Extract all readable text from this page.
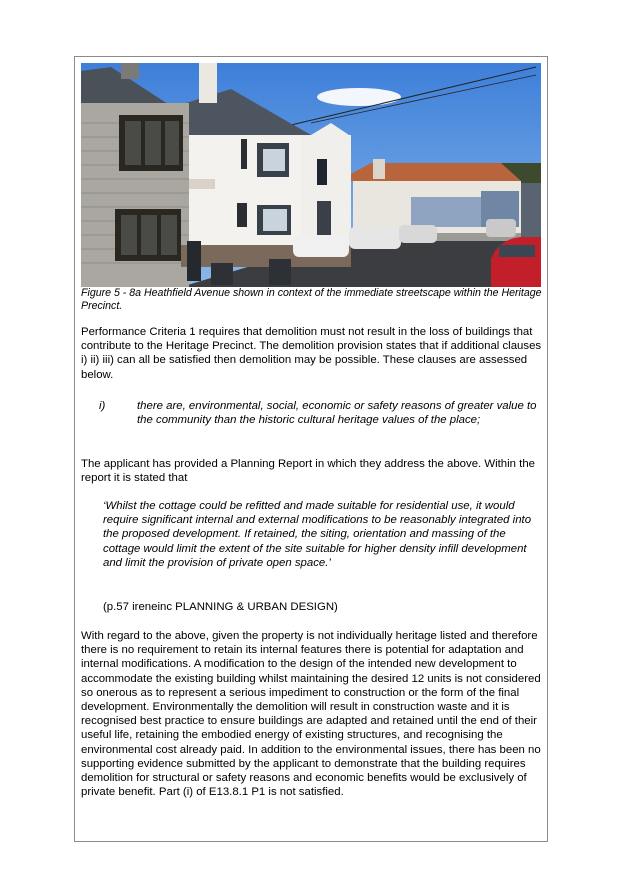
Figure 5 - 8a Heathfield Avenue shown in context of the immediate streetscape within the Heritage Precinct.
Performance Criteria 1 requires that demolition must not result in the loss of buildings that contribute to the Heritage Precinct. The demolition provision states that if additional clauses i) ii) iii) can all be satisfied then demolition may be possible. These clauses are assessed below.
i)	there are, environmental, social, economic or safety reasons of greater value to the community than the historic cultural heritage values of the place;
The applicant has provided a Planning Report in which they address the above. Within the report it is stated that
‘Whilst the cottage could be refitted and made suitable for residential use, it would require significant internal and external modifications to be reasonably integrated into the proposed development. If retained, the siting, orientation and massing of the cottage would limit the extent of the site suitable for higher density infill development and limit the provision of private open space.’
(p.57 ireneinc PLANNING & URBAN DESIGN)
With regard to the above, given the property is not individually heritage listed and therefore there is no requirement to retain its internal features there is potential for adaptation and internal modifications. A modification to the design of the intended new development to accommodate the existing building whilst maintaining the desired 12 units is not considered so onerous as to represent a serious impediment to construction or the form of the final development. Environmentally the demolition will result in construction waste and it is recognised best practice to ensure buildings are adapted and retained until the end of their useful life, retaining the embodied energy of existing structures, and recognising the environmental cost already paid. In addition to the environmental issues, there has been no supporting evidence submitted by the applicant to demonstrate that the building requires demolition for structural or safety reasons and economic benefits would be exclusively of private benefit. Part (i) of E13.8.1 P1 is not satisfied.
